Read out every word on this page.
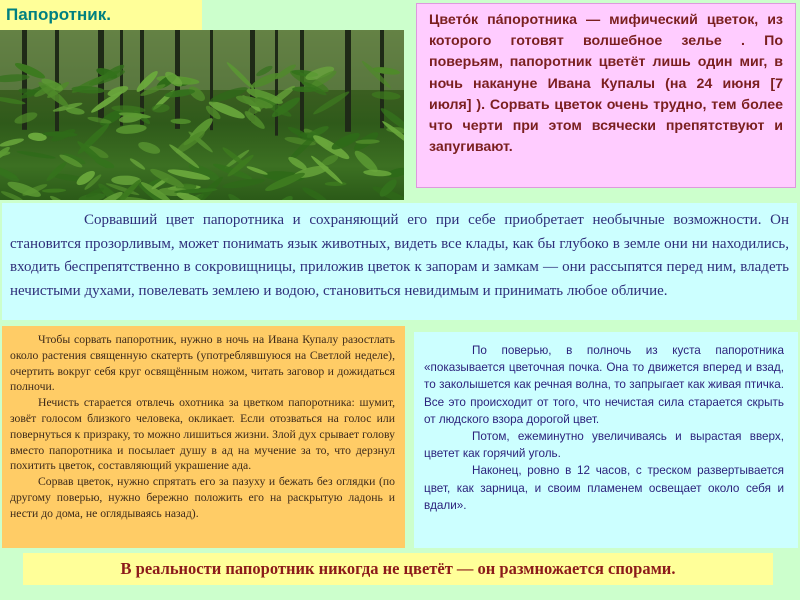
Папоротник.	Цвето́к па́поротника — мифический цветок, из которого готовят волшебное зелье . По поверьям, папоротник цветёт лишь один миг, в ночь накануне Ивана Купалы (на 24 июня [7 июля] ). Сорвать цветок очень трудно, тем более что черти при этом всячески препятствуют и запугивают.
Сорвавший цвет папоротника и сохраняющий его при себе приобретает необычные возможности. Он становится прозорливым, может понимать язык животных, видеть все клады, как бы глубоко в земле они ни находились, входить беспрепятственно в сокровищницы, приложив цветок к запорам и замкам — они рассыпятся перед ним, владеть нечистыми духами, повелевать землею и водою, становиться невидимым и принимать любое обличие.

Чтобы сорвать папоротник, нужно в ночь на Ивана Купалу разостлать около растения священную скатерть (употреблявшуюся на Светлой неделе), очертить вокруг себя круг освящённым ножом, читать заговор и дожидаться полночи.

Нечисть старается отвлечь охотника за цветком папоротника: шумит, зовёт голосом близкого человека, окликает. Если отозваться на голос или повернуться к призраку, то можно лишиться жизни. Злой дух срывает голову вместо папоротника и посылает душу в ад на мучение за то, что дерзнул похитить цветок, составляющий украшение ада.

Сорвав цветок, нужно спрятать его за пазуху и бежать без оглядки (по другому поверью, нужно бережно положить его на раскрытую ладонь и нести до дома, не оглядываясь назад).

По поверью, в полночь из куста папоротника «показывается цветочная почка. Она то движется вперед и взад, то заколышется как речная волна, то запрыгает как живая птичка. Все это происходит от того, что нечистая сила старается скрыть от людского взора дорогой цвет.

Потом, ежеминутно увеличиваясь и вырастая вверх, цветет как горячий уголь.

Наконец, ровно в 12 часов, с треском развертывается цвет, как зарница, и своим пламенем освещает около себя и вдали».

В реальности папоротник никогда не цветёт — он размножается спорами.
